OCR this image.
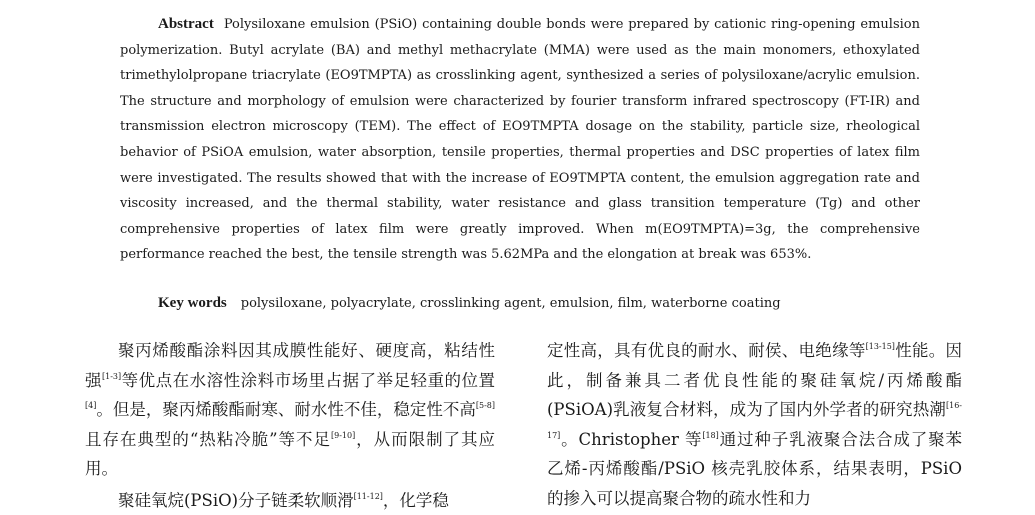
Abstract Polysiloxane emulsion (PSiO) containing double bonds were prepared by cationic ring-opening emulsion polymerization. Butyl acrylate (BA) and methyl methacrylate (MMA) were used as the main monomers, ethoxylated trimethylolpropane triacrylate (EO9TMPTA) as crosslinking agent, synthesized a series of polysiloxane/acrylic emulsion. The structure and morphology of emulsion were characterized by fourier transform infrared spectroscopy (FT-IR) and transmission electron microscopy (TEM). The effect of EO9TMPTA dosage on the stability, particle size, rheological behavior of PSiOA emulsion, water absorption, tensile properties, thermal properties and DSC properties of latex film were investigated. The results showed that with the increase of EO9TMPTA content, the emulsion aggregation rate and viscosity increased, and the thermal stability, water resistance and glass transition temperature (Tg) and other comprehensive properties of latex film were greatly improved. When m(EO9TMPTA)=3g, the comprehensive performance reached the best, the tensile strength was 5.62MPa and the elongation at break was 653%.
Key words polysiloxane, polyacrylate, crosslinking agent, emulsion, film, waterborne coating

聚丙烯酸酯涂料因其成膜性能好、硬度高，粘结性强[1-3]等优点在水溶性涂料市场里占据了举足轻重的位置[4]。但是，聚丙烯酸酯耐寒、耐水性不佳，稳定性不高[5-8]且存在典型的“热粘冷脆”等不足[9-10]，从而限制了其应用。

聚硅氧烷(PSiO)分子链柔软顺滑[11-12]，化学稳

定性高，具有优良的耐水、耐侯、电绝缘等[13-15]性能。因此，制备兼具二者优良性能的聚硅氧烷/丙烯酸酯(PSiOA)乳液复合材料，成为了国内外学者的研究热潮[16-17]。Christopher 等[18]通过种子乳液聚合法合成了聚苯乙烯-丙烯酸酯/PSiO 核壳乳胶体系，结果表明，PSiO 的掺入可以提高聚合物的疏水性和力
